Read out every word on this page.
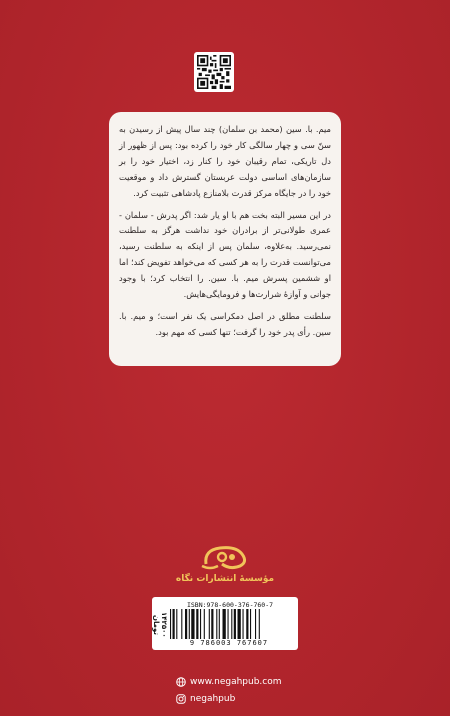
میم. با. سین (محمد بن سلمان) چند سال پیش از رسیدن به سنّ سی و چهار سالگی کار خود را کرده بود: پس از ظهور از دل تاریکی، تمام رقیبان خود را کنار زد، اختیار خود را بر سازمان‌های اساسی دولت عربستان گسترش داد و موقعیت خود را در جایگاه مرکز قدرت بلامنازع پادشاهی تثبیت کرد.

در این مسیر البته بخت هم با او یار شد: اگر پدرش - سلمان - عمری طولانی‌تر از برادران خود نداشت هرگز به سلطنت نمی‌رسید. به‌علاوه، سلمان پس از اینکه به سلطنت رسید، می‌توانست قدرت را به هر کسی که می‌خواهد تفویض کند؛ اما او ششمین پسرش میم. با. سین. را انتخاب کرد؛ با وجود جوانی و آوازهٔ شرارت‌ها و فرومایگی‌هایش.

سلطنت مطلق در اصل دمکراسی یک نفر است؛ و میم. با. سین. رأی پدر خود را گرفت؛ تنها کسی که مهم بود.

مؤسسهٔ انتشارات نگاه
۱۴۲۵۰۰ تومان
ISBN:978-600-376-760-7
9 786003 767607
www.negahpub.com
negahpub
